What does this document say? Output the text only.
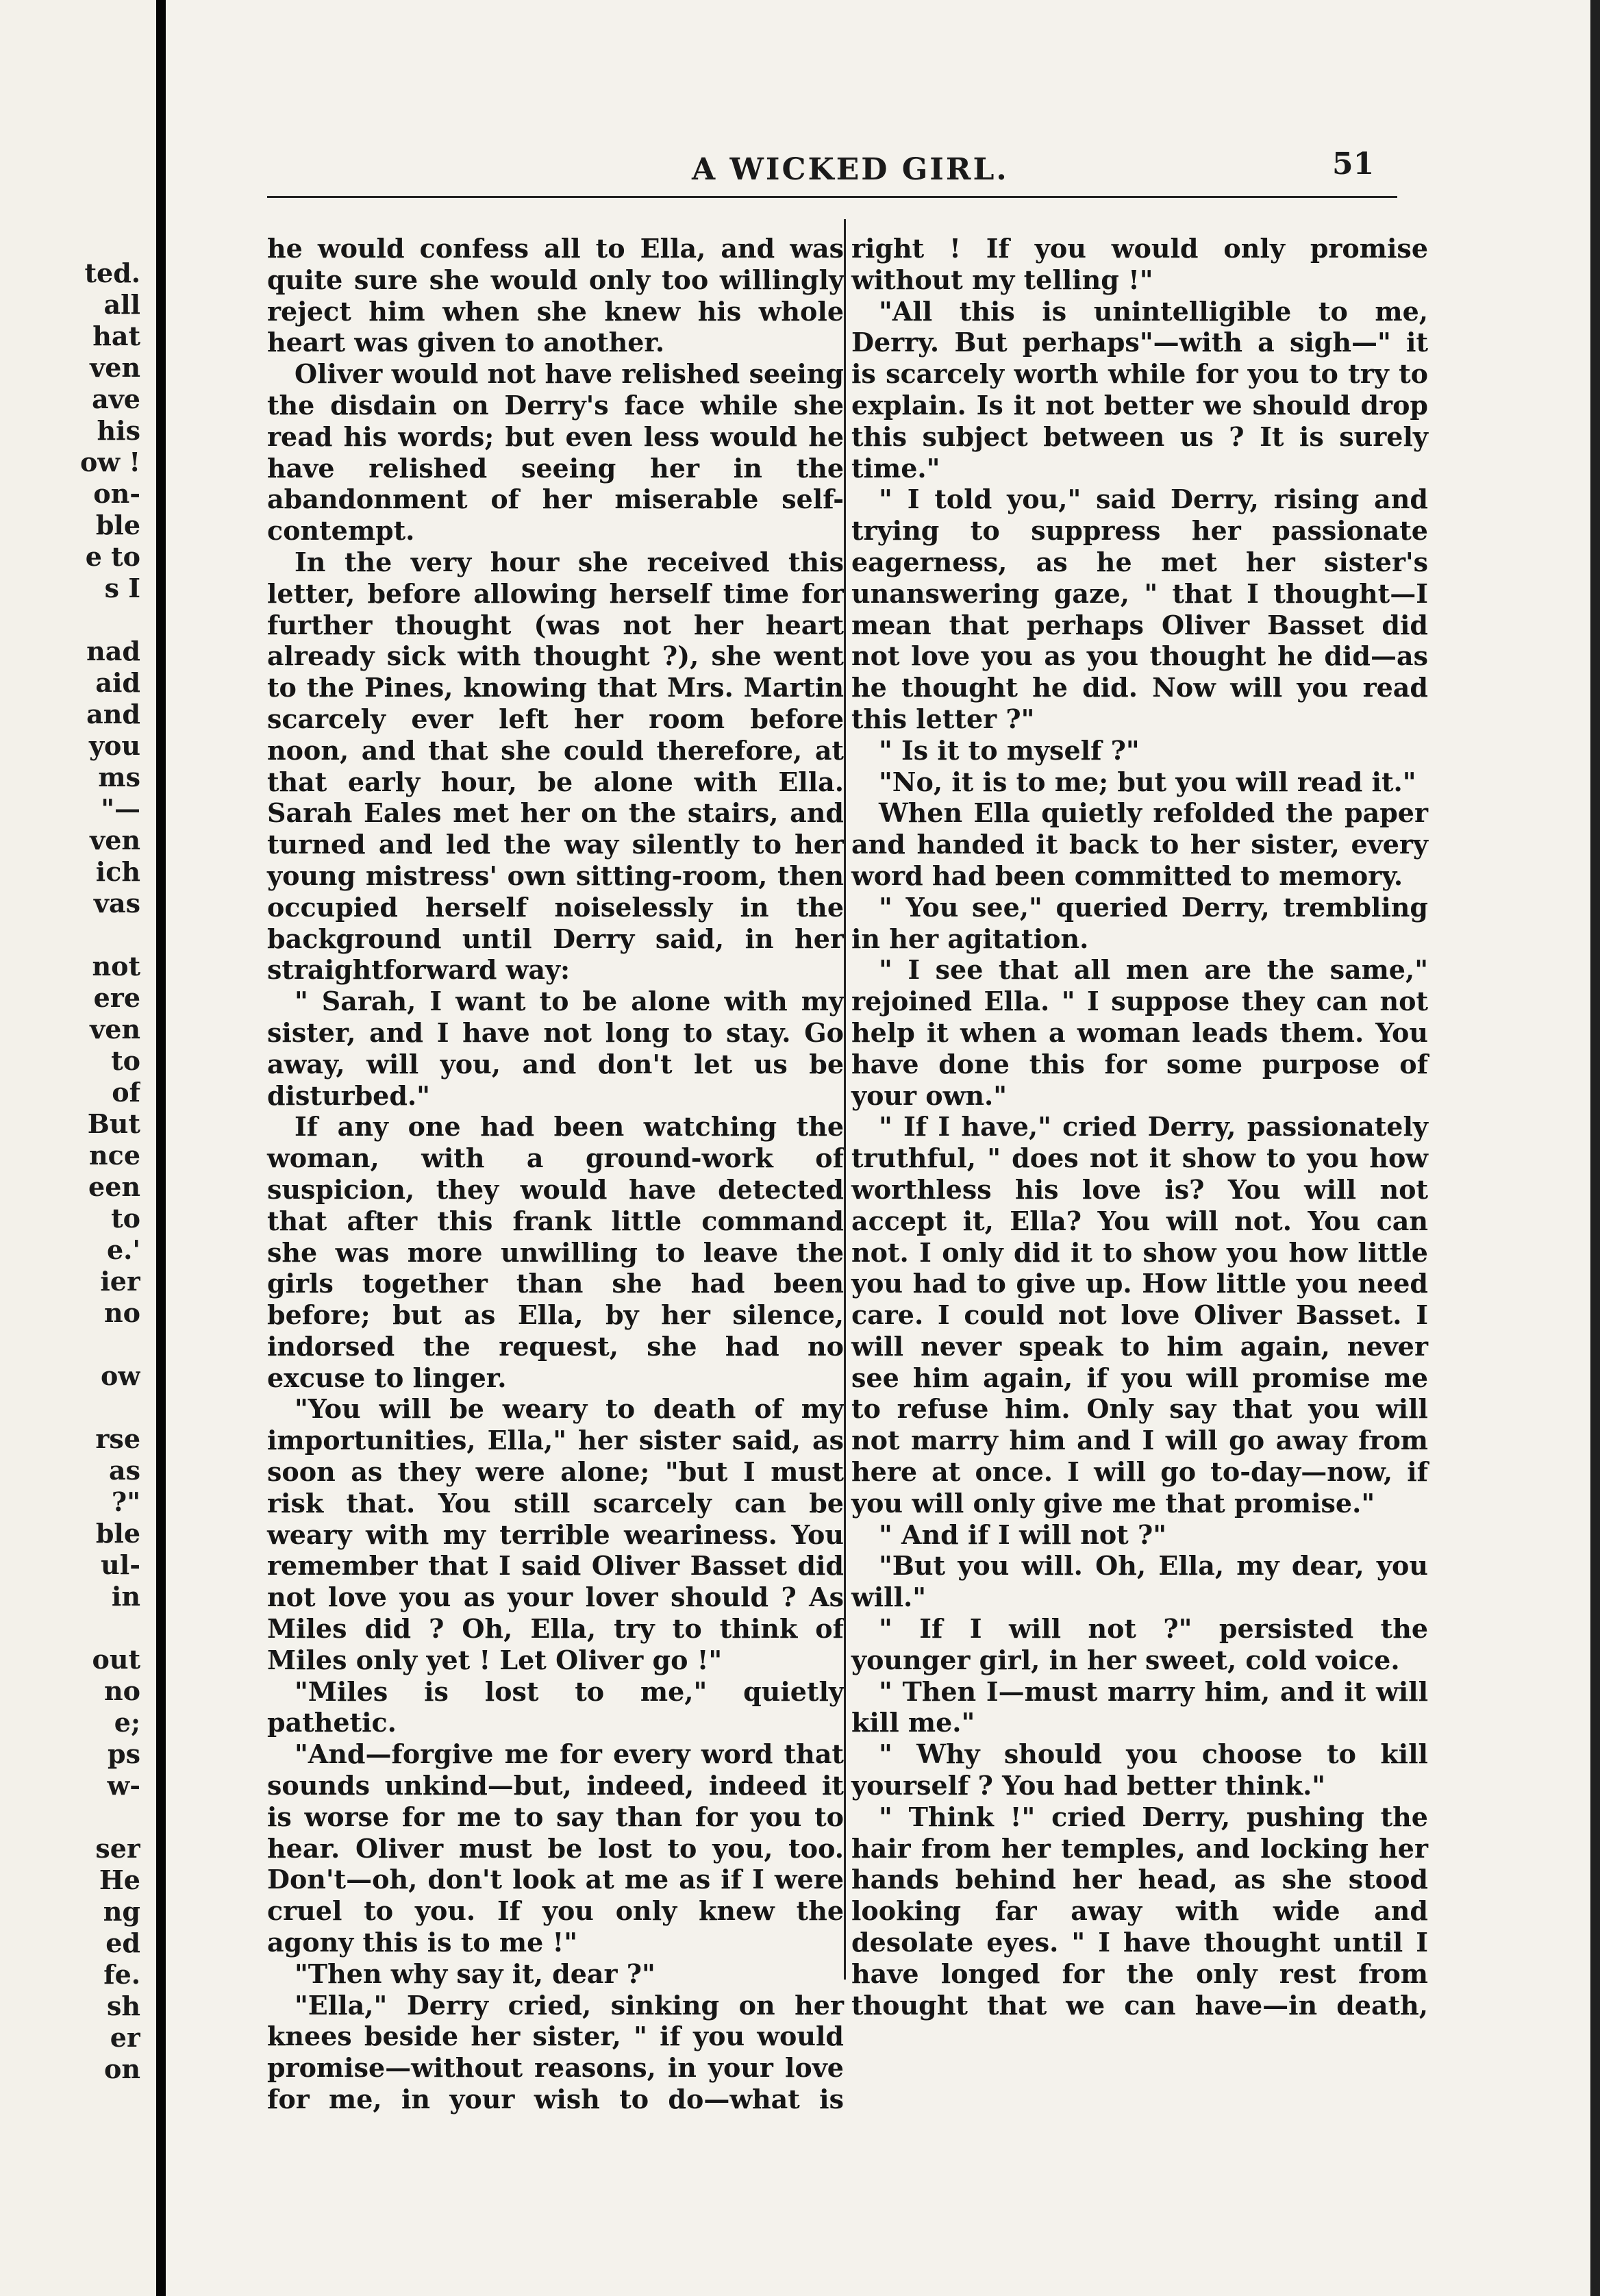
ted.
all
hat
ven
ave
his
ow !
on-
ble
e to
s I

nad
aid
and
you
ms
"—
ven
ich
vas

not
ere
ven
to
of
But
nce
een
to
e.'
ier
no

ow

rse
as
?"
ble
ul-
in

out
no
e;
ps
w-

ser
He
ng
ed
fe.
sh
er
on
A WICKED GIRL.	51

he would confess all to Ella, and was quite sure she would only too willingly reject him when she knew his whole heart was given to another.

Oliver would not have relished seeing the disdain on Derry's face while she read his words; but even less would he have relished seeing her in the abandonment of her miserable self-contempt.

In the very hour she received this letter, before allowing herself time for further thought (was not her heart already sick with thought ?), she went to the Pines, knowing that Mrs. Martin scarcely ever left her room before noon, and that she could therefore, at that early hour, be alone with Ella. Sarah Eales met her on the stairs, and turned and led the way silently to her young mistress' own sitting-room, then occupied herself noiselessly in the background until Derry said, in her straightforward way:

" Sarah, I want to be alone with my sister, and I have not long to stay. Go away, will you, and don't let us be disturbed."

If any one had been watching the woman, with a ground-work of suspicion, they would have detected that after this frank little command she was more unwilling to leave the girls together than she had been before; but as Ella, by her silence, indorsed the request, she had no excuse to linger.

"You will be weary to death of my importunities, Ella," her sister said, as soon as they were alone; "but I must risk that. You still scarcely can be weary with my terrible weariness. You remember that I said Oliver Basset did not love you as your lover should ? As Miles did ? Oh, Ella, try to think of Miles only yet ! Let Oliver go !"

"Miles is lost to me," quietly pathetic.

"And—forgive me for every word that sounds unkind—but, indeed, indeed it is worse for me to say than for you to hear. Oliver must be lost to you, too. Don't—oh, don't look at me as if I were cruel to you. If you only knew the agony this is to me !"

"Then why say it, dear ?"

"Ella," Derry cried, sinking on her knees beside her sister, " if you would promise—without reasons, in your love for me, in your wish to do—what is

right ! If you would only promise without my telling !"

"All this is unintelligible to me, Derry. But perhaps"—with a sigh—" it is scarcely worth while for you to try to explain. Is it not better we should drop this subject between us ? It is surely time."

" I told you," said Derry, rising and trying to suppress her passionate eagerness, as he met her sister's unanswering gaze, " that I thought—I mean that perhaps Oliver Basset did not love you as you thought he did—as he thought he did. Now will you read this letter ?"

" Is it to myself ?"

"No, it is to me; but you will read it."

When Ella quietly refolded the paper and handed it back to her sister, every word had been committed to memory.

" You see," queried Derry, trembling in her agitation.

" I see that all men are the same," rejoined Ella. " I suppose they can not help it when a woman leads them. You have done this for some purpose of your own."

" If I have," cried Derry, passionately truthful, " does not it show to you how worthless his love is? You will not accept it, Ella? You will not. You can not. I only did it to show you how little you had to give up. How little you need care. I could not love Oliver Basset. I will never speak to him again, never see him again, if you will promise me to refuse him. Only say that you will not marry him and I will go away from here at once. I will go to-day—now, if you will only give me that promise."

" And if I will not ?"

"But you will. Oh, Ella, my dear, you will."

" If I will not ?" persisted the younger girl, in her sweet, cold voice.

" Then I—must marry him, and it will kill me."

" Why should you choose to kill yourself ? You had better think."

" Think !" cried Derry, pushing the hair from her temples, and locking her hands behind her head, as she stood looking far away with wide and desolate eyes. " I have thought until I have longed for the only rest from thought that we can have—in death,
